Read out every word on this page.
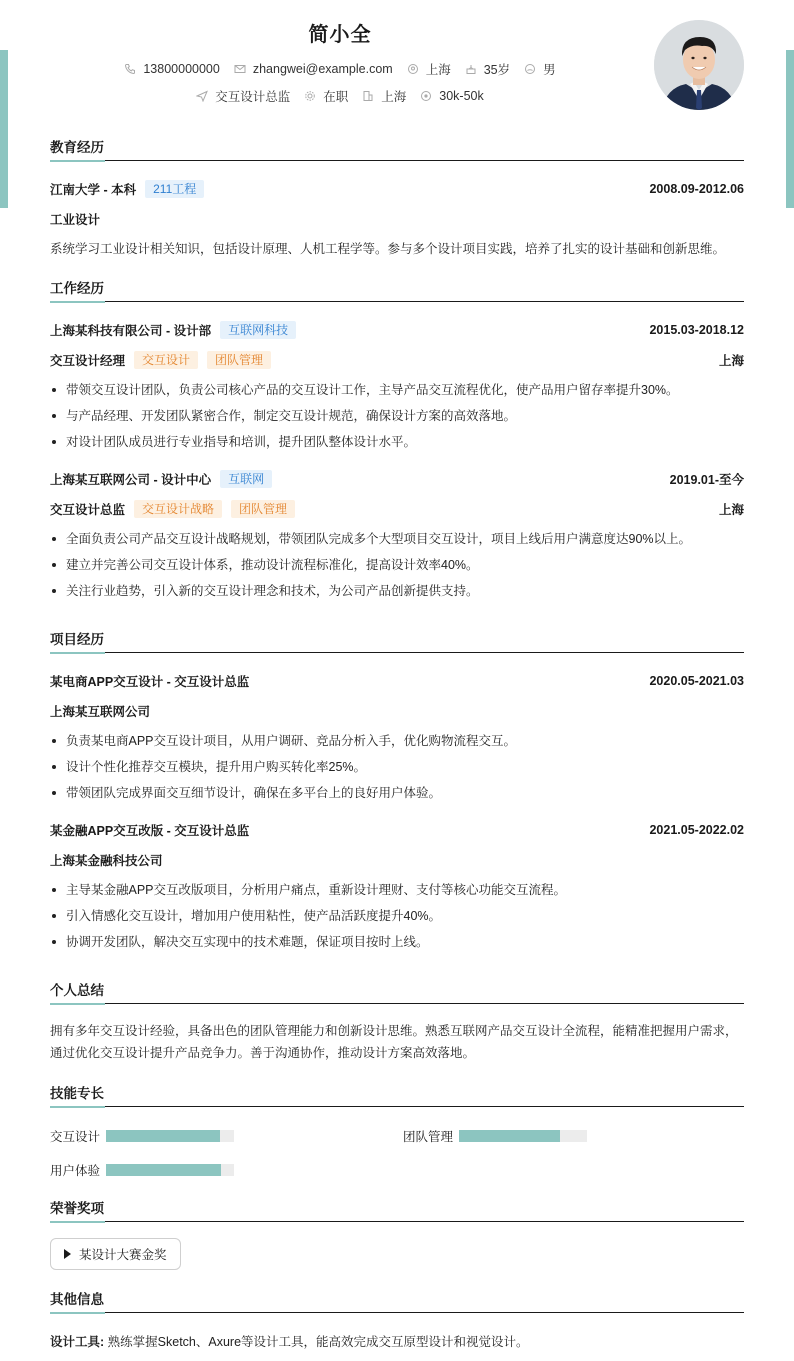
简小全
13800000000	zhangwei@example.com	上海	35岁	男
交互设计总监	在职	上海	30k-50k
教育经历
江南大学 - 本科	211工程	2008.09-2012.06
工业设计
系统学习工业设计相关知识，包括设计原理、人机工程学等。参与多个设计项目实践，培养了扎实的设计基础和创新思维。
工作经历
上海某科技有限公司 - 设计部	互联网科技	2015.03-2018.12
交互设计经理	交互设计	团队管理	上海
带领交互设计团队，负责公司核心产品的交互设计工作，主导产品交互流程优化，使产品用户留存率提升30%。
与产品经理、开发团队紧密合作，制定交互设计规范，确保设计方案的高效落地。
对设计团队成员进行专业指导和培训，提升团队整体设计水平。
上海某互联网公司 - 设计中心	互联网	2019.01-至今
交互设计总监	交互设计战略	团队管理	上海
全面负责公司产品交互设计战略规划，带领团队完成多个大型项目交互设计，项目上线后用户满意度达90%以上。
建立并完善公司交互设计体系，推动设计流程标准化，提高设计效率40%。
关注行业趋势，引入新的交互设计理念和技术，为公司产品创新提供支持。
项目经历
某电商APP交互设计 - 交互设计总监	2020.05-2021.03
上海某互联网公司
负责某电商APP交互设计项目，从用户调研、竞品分析入手，优化购物流程交互。
设计个性化推荐交互模块，提升用户购买转化率25%。
带领团队完成界面交互细节设计，确保在多平台上的良好用户体验。
某金融APP交互改版 - 交互设计总监	2021.05-2022.02
上海某金融科技公司
主导某金融APP交互改版项目，分析用户痛点，重新设计理财、支付等核心功能交互流程。
引入情感化交互设计，增加用户使用粘性，使产品活跃度提升40%。
协调开发团队，解决交互实现中的技术难题，保证项目按时上线。
个人总结
拥有多年交互设计经验，具备出色的团队管理能力和创新设计思维。熟悉互联网产品交互设计全流程，能精准把握用户需求，通过优化交互设计提升产品竞争力。善于沟通协作，推动设计方案高效落地。
技能专长
交互设计	团队管理
用户体验
荣誉奖项
某设计大赛金奖
其他信息
设计工具: 熟练掌握Sketch、Axure等设计工具，能高效完成交互原型设计和视觉设计。
